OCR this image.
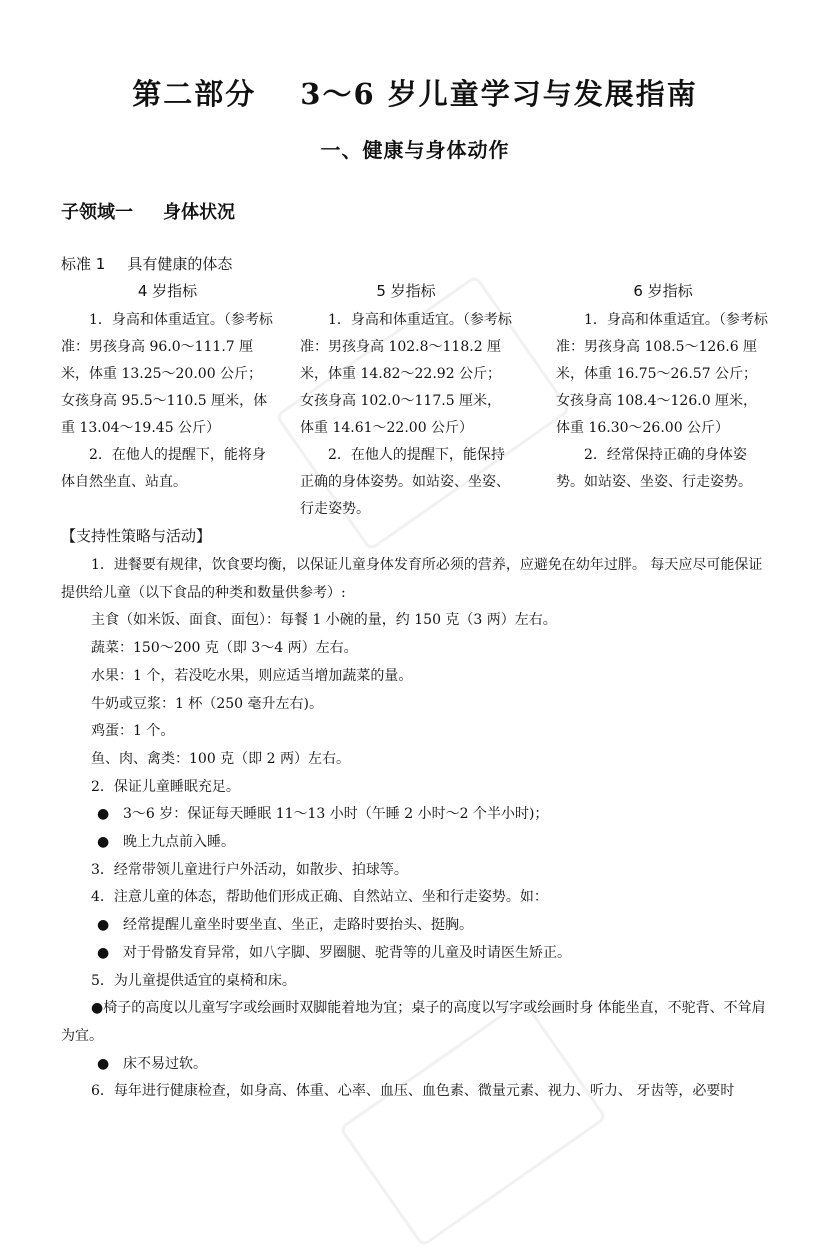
第二部分 3～6 岁儿童学习与发展指南
一、健康与身体动作
子领域一 身体状况
标准 1 具有健康的体态
4 岁指标

1．身高和体重适宜。（参考标准：男孩身高 96.0～111.7 厘米，体重 13.25～20.00 公斤；女孩身高 95.5～110.5 厘米，体重 13.04～19.45 公斤）

2．在他人的提醒下，能将身体自然坐直、站直。

5 岁指标

1．身高和体重适宜。（参考标准：男孩身高 102.8～118.2 厘米，体重 14.82～22.92 公斤；女孩身高 102.0～117.5 厘米，体重 14.61～22.00 公斤）

2．在他人的提醒下，能保持正确的身体姿势。如站姿、坐姿、行走姿势。

6 岁指标

1．身高和体重适宜。（参考标准：男孩身高 108.5～126.6 厘米，体重 16.75～26.57 公斤；女孩身高 108.4～126.0 厘米，体重 16.30～26.00 公斤）

2．经常保持正确的身体姿势。如站姿、坐姿、行走姿势。

【支持性策略与活动】

1．进餐要有规律，饮食要均衡，以保证儿童身体发育所必须的营养，应避免在幼年过胖。 每天应尽可能保证提供给儿童（以下食品的种类和数量供参考）:

主食（如米饭、面食、面包）：每餐 1 小碗的量，约 150 克（3 两）左右。

蔬菜：150～200 克（即 3～4 两）左右。

水果：1 个，若没吃水果，则应适当增加蔬菜的量。

牛奶或豆浆：1 杯（250 毫升左右)。

鸡蛋：1 个。

鱼、肉、禽类：100 克（即 2 两）左右。

2．保证儿童睡眠充足。

● 3～6 岁：保证每天睡眠 11～13 小时（午睡 2 小时～2 个半小时)；

● 晚上九点前入睡。

3．经常带领儿童进行户外活动，如散步、拍球等。

4．注意儿童的体态，帮助他们形成正确、自然站立、坐和行走姿势。如：

● 经常提醒儿童坐时要坐直、坐正，走路时要抬头、挺胸。

● 对于骨骼发育异常，如八字脚、罗圈腿、驼背等的儿童及时请医生矫正。

5．为儿童提供适宜的桌椅和床。

●椅子的高度以儿童写字或绘画时双脚能着地为宜；桌子的高度以写字或绘画时身 体能坐直，不驼背、不耸肩为宜。

● 床不易过软。

6．每年进行健康检查，如身高、体重、心率、血压、血色素、微量元素、视力、听力、 牙齿等，必要时
